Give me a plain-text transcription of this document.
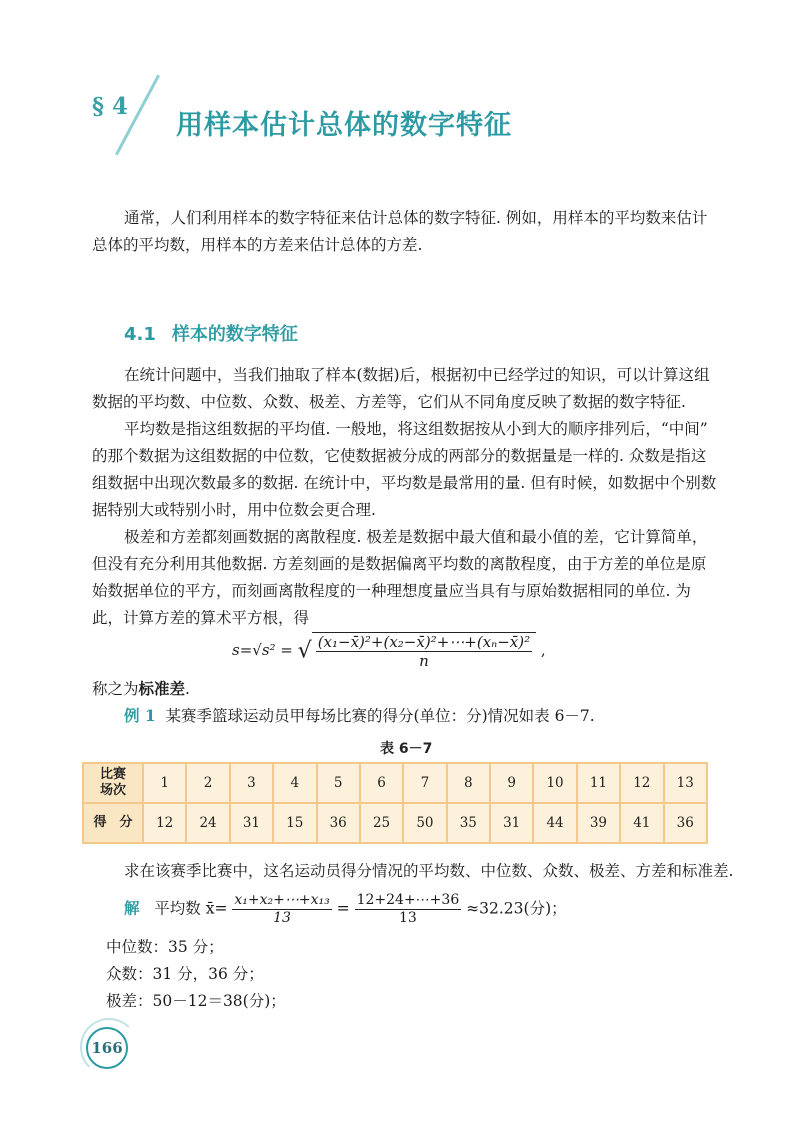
§ 4
用样本估计总体的数字特征
通常，人们利用样本的数字特征来估计总体的数字特征. 例如，用样本的平均数来估计
总体的平均数，用样本的方差来估计总体的方差.
4.1 样本的数字特征
在统计问题中，当我们抽取了样本(数据)后，根据初中已经学过的知识，可以计算这组
数据的平均数、中位数、众数、极差、方差等，它们从不同角度反映了数据的数字特征.
平均数是指这组数据的平均值. 一般地，将这组数据按从小到大的顺序排列后，“中间”
的那个数据为这组数据的中位数，它使数据被分成的两部分的数据量是一样的. 众数是指这
组数据中出现次数最多的数据. 在统计中，平均数是最常用的量. 但有时候，如数据中个别数
据特别大或特别小时，用中位数会更合理.
极差和方差都刻画数据的离散程度. 极差是数据中最大值和最小值的差，它计算简单，
但没有充分利用其他数据. 方差刻画的是数据偏离平均数的离散程度，由于方差的单位是原
始数据单位的平方，而刻画离散程度的一种理想度量应当具有与原始数据相同的单位. 为
此，计算方差的算术平方根，得
s=√s² = √ $\frac{\text{(x₁−x̄)²+(x₂−x̄)²+⋯+(xₙ−x̄)²}}{n}$ ,
称之为标准差.
例 1 某赛季篮球运动员甲每场比赛的得分(单位：分)情况如表 6－7.
表 6－7
比赛
场次	1	2	3	4	5	6	7	8	9	10	11	12	13
得　分	12	24	31	15	36	25	50	35	31	44	39	41	36
求在该赛季比赛中，这名运动员得分情况的平均数、中位数、众数、极差、方差和标准差.
解 平均数 x̄= $\frac{\text{x₁+x₂+⋯+x₁₃}}{13} = \frac{12+24+\cdots+36}{13} \approx 32.23$(分)；
中位数：35 分；
众数：31 分，36 分；
极差：50－12＝38(分)；
166
